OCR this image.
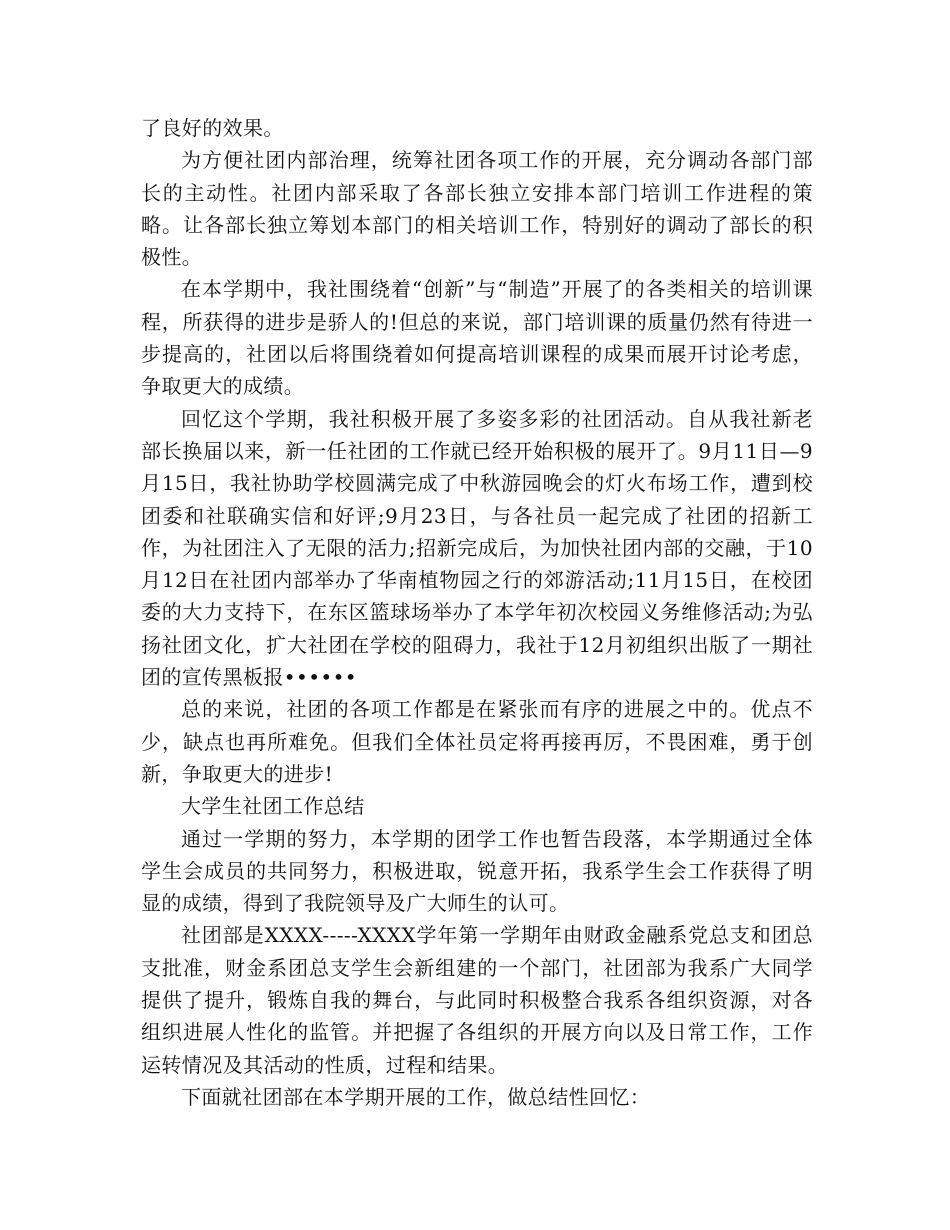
了良好的效果。

为方便社团内部治理，统筹社团各项工作的开展，充分调动各部门部长的主动性。社团内部采取了各部长独立安排本部门培训工作进程的策略。让各部长独立筹划本部门的相关培训工作，特别好的调动了部长的积极性。

在本学期中，我社围绕着“创新”与“制造”开展了的各类相关的培训课程，所获得的进步是骄人的!但总的来说，部门培训课的质量仍然有待进一步提高的，社团以后将围绕着如何提高培训课程的成果而展开讨论考虑，争取更大的成绩。

回忆这个学期，我社积极开展了多姿多彩的社团活动。自从我社新老部长换届以来，新一任社团的工作就已经开始积极的展开了。9月11日—9月15日，我社协助学校圆满完成了中秋游园晚会的灯火布场工作，遭到校团委和社联确实信和好评;9月23日，与各社员一起完成了社团的招新工作，为社团注入了无限的活力;招新完成后，为加快社团内部的交融，于10月12日在社团内部举办了华南植物园之行的郊游活动;11月15日，在校团委的大力支持下，在东区篮球场举办了本学年初次校园义务维修活动;为弘扬社团文化，扩大社团在学校的阻碍力，我社于12月初组织出版了一期社团的宣传黑板报••••••

总的来说，社团的各项工作都是在紧张而有序的进展之中的。优点不少，缺点也再所难免。但我们全体社员定将再接再厉，不畏困难，勇于创新，争取更大的进步!

大学生社团工作总结

通过一学期的努力，本学期的团学工作也暂告段落，本学期通过全体学生会成员的共同努力，积极进取，锐意开拓，我系学生会工作获得了明显的成绩，得到了我院领导及广大师生的认可。

社团部是XXXX-----XXXX学年第一学期年由财政金融系党总支和团总支批准，财金系团总支学生会新组建的一个部门，社团部为我系广大同学提供了提升，锻炼自我的舞台，与此同时积极整合我系各组织资源，对各组织进展人性化的监管。并把握了各组织的开展方向以及日常工作，工作运转情况及其活动的性质，过程和结果。

下面就社团部在本学期开展的工作，做总结性回忆：
